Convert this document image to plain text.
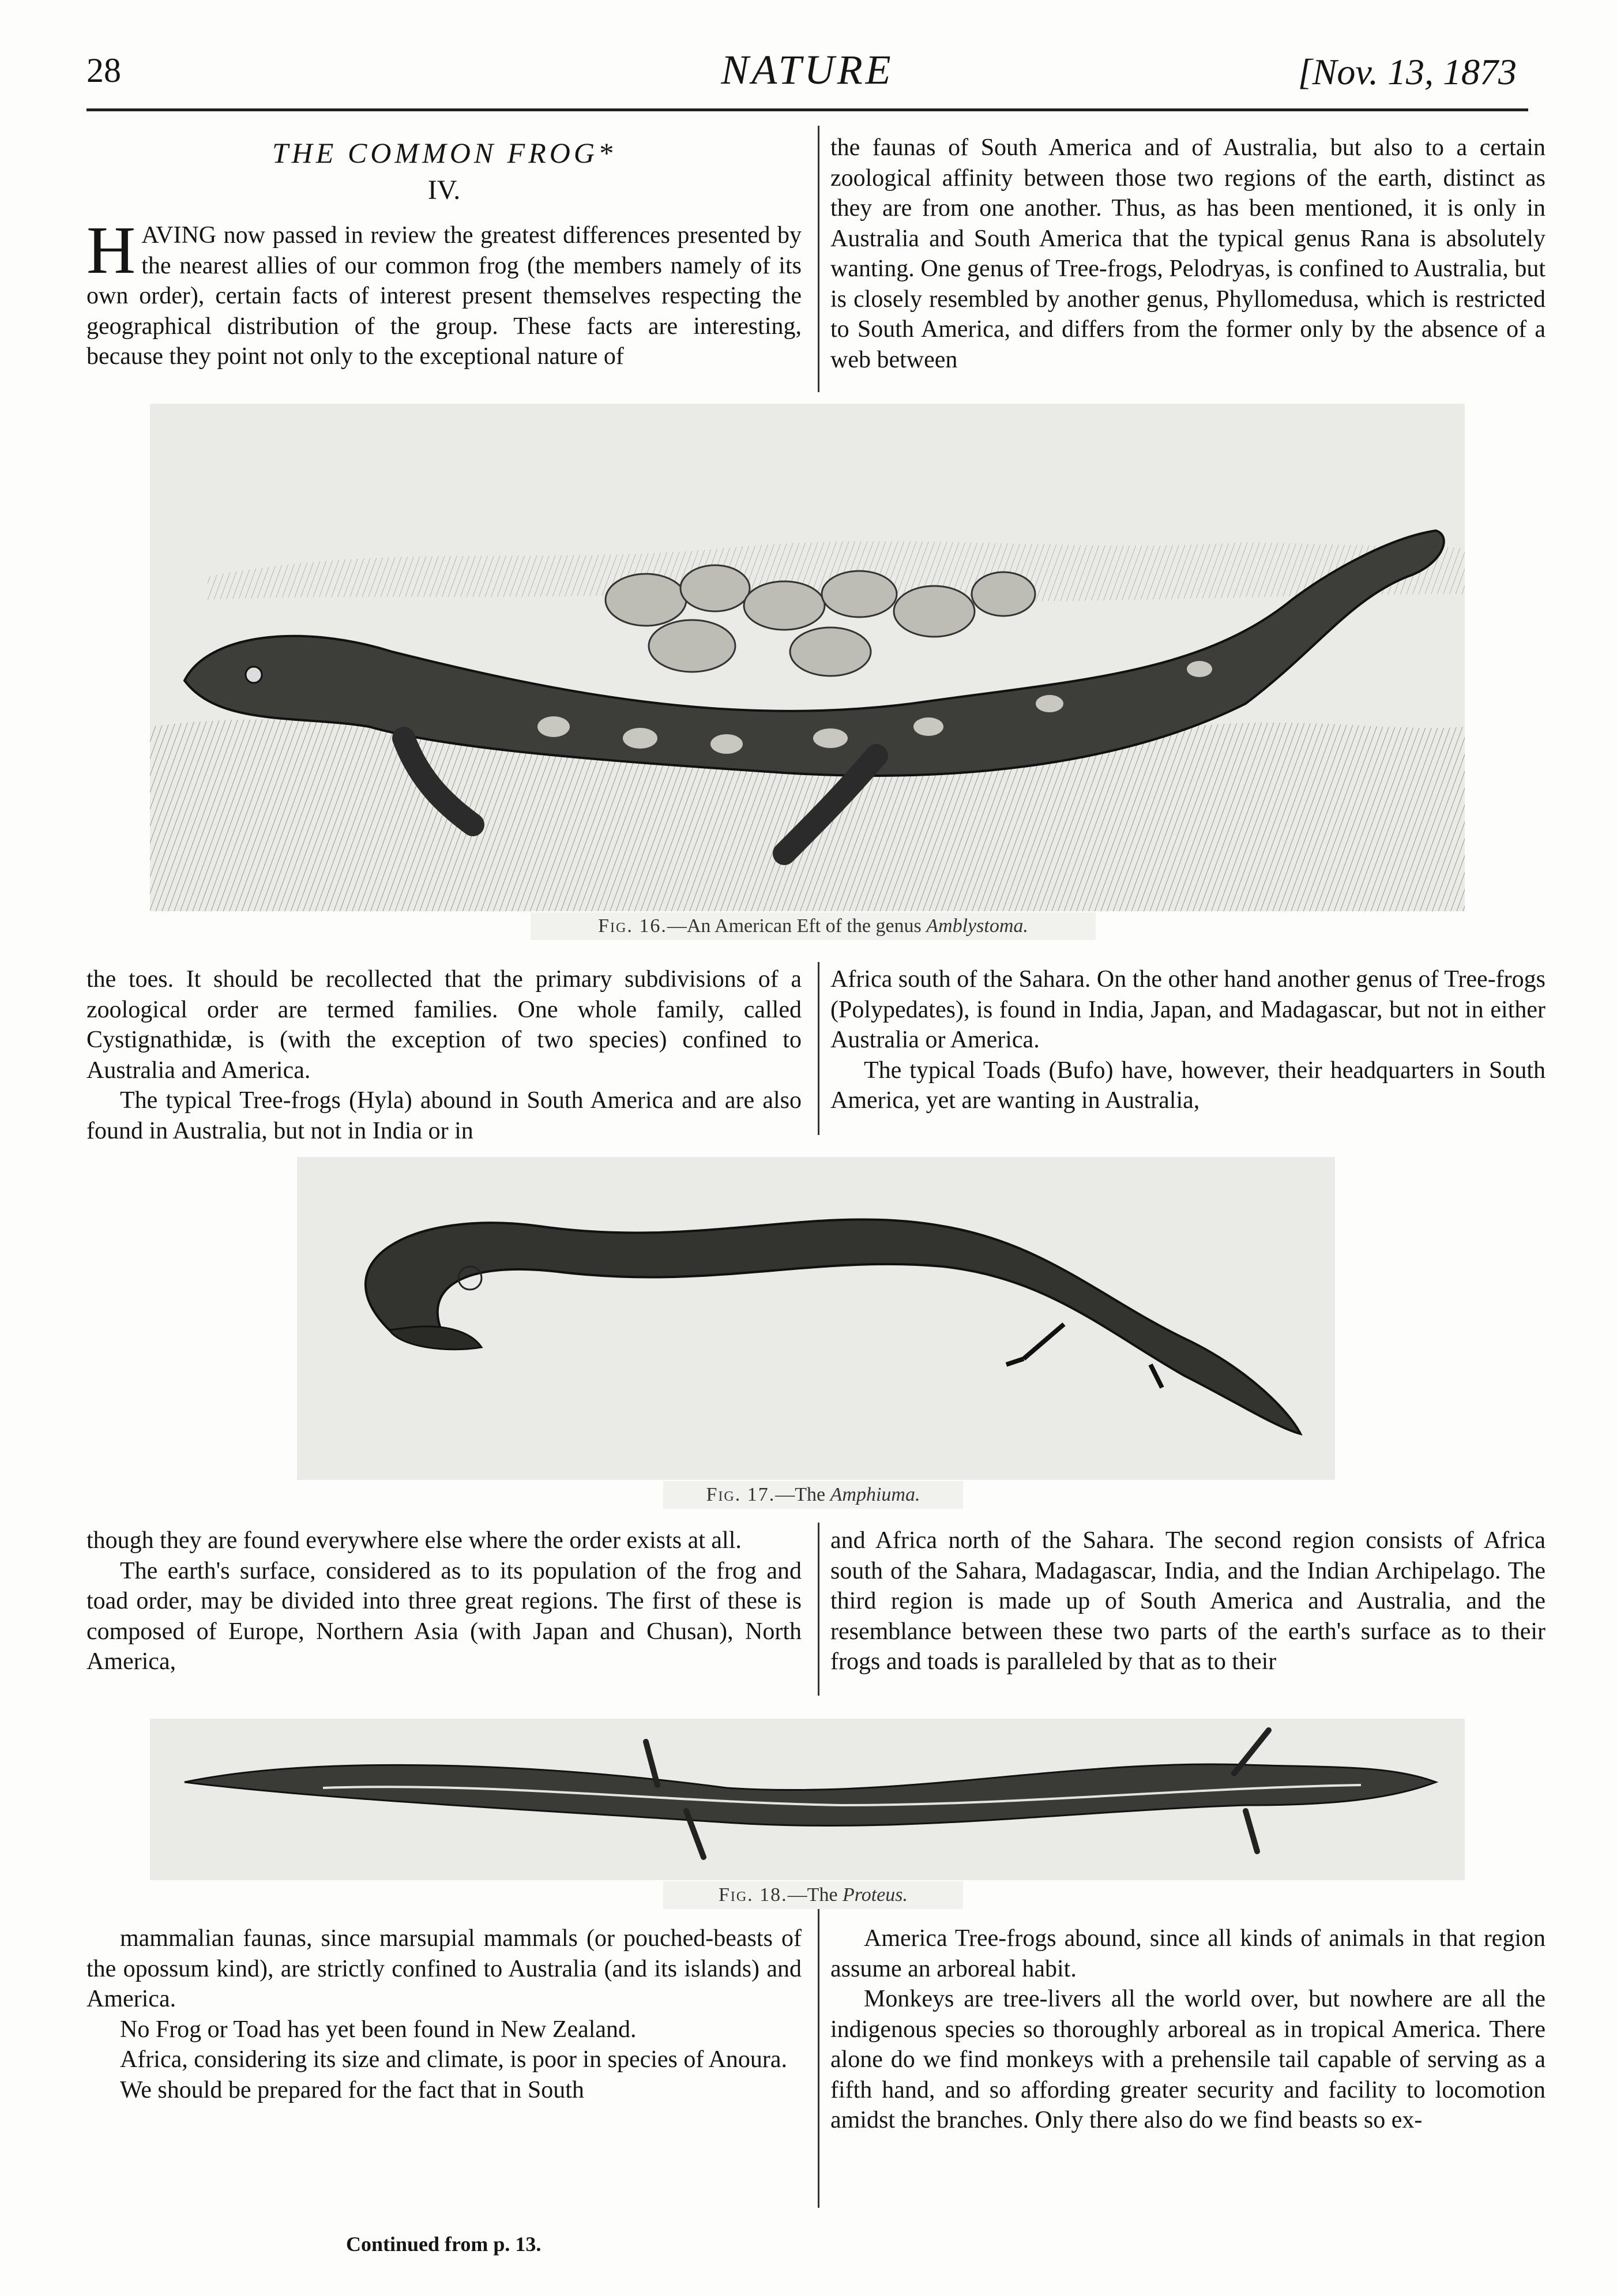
28	NATURE	[Nov. 13, 1873

THE COMMON FROG*

IV.

H AVING now passed in review the greatest differences presented by the nearest allies of our common frog (the members namely of its own order), certain facts of interest present themselves respecting the geographical distribution of the group. These facts are interesting, because they point not only to the exceptional nature of

the faunas of South America and of Australia, but also to a certain zoological affinity between those two regions of the earth, distinct as they are from one another. Thus, as has been mentioned, it is only in Australia and South America that the typical genus Rana is absolutely wanting. One genus of Tree-frogs, Pelodryas, is confined to Australia, but is closely resembled by another genus, Phyllomedusa, which is restricted to South America, and differs from the former only by the absence of a web between

Fig. 16.—An American Eft of the genus Amblystoma.

the toes. It should be recollected that the primary subdivisions of a zoological order are termed families. One whole family, called Cystignathidæ, is (with the exception of two species) confined to Australia and America.

The typical Tree-frogs (Hyla) abound in South America and are also found in Australia, but not in India or in

Africa south of the Sahara. On the other hand another genus of Tree-frogs (Polypedates), is found in India, Japan, and Madagascar, but not in either Australia or America.

The typical Toads (Bufo) have, however, their headquarters in South America, yet are wanting in Australia,

Fig. 17.—The Amphiuma.

though they are found everywhere else where the order exists at all.

The earth's surface, considered as to its population of the frog and toad order, may be divided into three great regions. The first of these is composed of Europe, Northern Asia (with Japan and Chusan), North America,

and Africa north of the Sahara. The second region consists of Africa south of the Sahara, Madagascar, India, and the Indian Archipelago. The third region is made up of South America and Australia, and the resemblance between these two parts of the earth's surface as to their frogs and toads is paralleled by that as to their

Fig. 18.—The Proteus.

mammalian faunas, since marsupial mammals (or pouched-beasts of the opossum kind), are strictly confined to Australia (and its islands) and America.

No Frog or Toad has yet been found in New Zealand.

Africa, considering its size and climate, is poor in species of Anoura.

We should be prepared for the fact that in South

America Tree-frogs abound, since all kinds of animals in that region assume an arboreal habit.

Monkeys are tree-livers all the world over, but nowhere are all the indigenous species so thoroughly arboreal as in tropical America. There alone do we find monkeys with a prehensile tail capable of serving as a fifth hand, and so affording greater security and facility to locomotion amidst the branches. Only there also do we find beasts so ex-

Continued from p. 13.
